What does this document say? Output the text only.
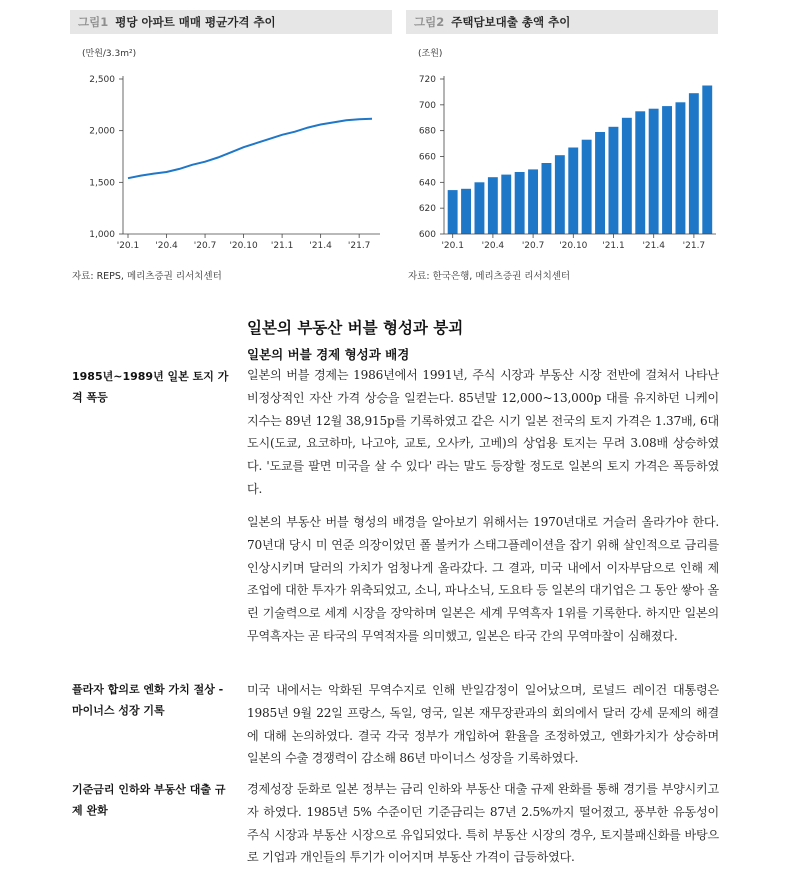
그림1 평당 아파트 매매 평균가격 추이
(만원/3.3m²)
1,000
1,500
2,000
2,500
'20.1 '20.4 '20.7 '20.10 '21.1 '21.4 '21.7
자료: REPS, 메리츠증권 리서치센터
그림2 주택담보대출 총액 추이
(조원)
600
620
640
660
680
700
720
'20.1 '20.4 '20.7 '20.10 '21.1 '21.4 '21.7
자료: 한국은행, 메리츠증권 리서치센터
일본의 부동산 버블 형성과 붕괴
일본의 버블 경제 형성과 배경
1985년~1989년 일본 토지 가격 폭등
플라자 합의로 엔화 가치 절상 -마이너스 성장 기록
기준금리 인하와 부동산 대출 규제 완화

일본의 버블 경제는 1986년에서 1991년, 주식 시장과 부동산 시장 전반에 걸쳐서 나타난 비정상적인 자산 가격 상승을 일컫는다. 85년말 12,000~13,000p 대를 유지하던 니케이 지수는 89년 12월 38,915p를 기록하였고 같은 시기 일본 전국의 토지 가격은 1.37배, 6대 도시(도쿄, 요코하마, 나고야, 교토, 오사카, 고베)의 상업용 토지는 무려 3.08배 상승하였다. '도쿄를 팔면 미국을 살 수 있다' 라는 말도 등장할 정도로 일본의 토지 가격은 폭등하였다.

일본의 부동산 버블 형성의 배경을 알아보기 위해서는 1970년대로 거슬러 올라가야 한다. 70년대 당시 미 연준 의장이었던 폴 볼커가 스태그플레이션을 잡기 위해 살인적으로 금리를 인상시키며 달러의 가치가 엄청나게 올라갔다. 그 결과, 미국 내에서 이자부담으로 인해 제조업에 대한 투자가 위축되었고, 소니, 파나소닉, 도요타 등 일본의 대기업은 그 동안 쌓아 올린 기술력으로 세계 시장을 장악하며 일본은 세계 무역흑자 1위를 기록한다. 하지만 일본의 무역흑자는 곧 타국의 무역적자를 의미했고, 일본은 타국 간의 무역마찰이 심해졌다.

미국 내에서는 악화된 무역수지로 인해 반일감정이 일어났으며, 로널드 레이건 대통령은 1985년 9월 22일 프랑스, 독일, 영국, 일본 재무장관과의 회의에서 달러 강세 문제의 해결에 대해 논의하였다. 결국 각국 정부가 개입하여 환율을 조정하였고, 엔화가치가 상승하며 일본의 수출 경쟁력이 감소해 86년 마이너스 성장을 기록하였다.

경제성장 둔화로 일본 정부는 금리 인하와 부동산 대출 규제 완화를 통해 경기를 부양시키고자 하였다. 1985년 5% 수준이던 기준금리는 87년 2.5%까지 떨어졌고, 풍부한 유동성이 주식 시장과 부동산 시장으로 유입되었다. 특히 부동산 시장의 경우, 토지불패신화를 바탕으로 기업과 개인들의 투기가 이어지며 부동산 가격이 급등하였다.
